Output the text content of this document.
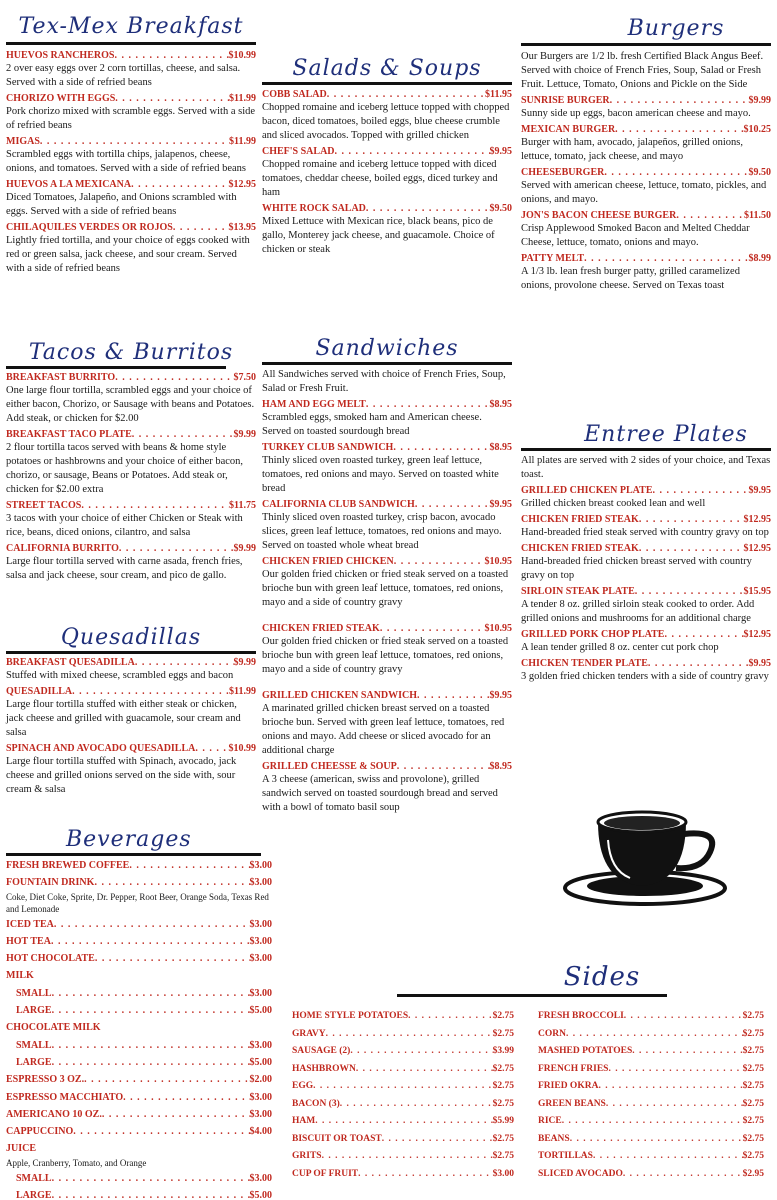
Tex-Mex Breakfast
HUEVOS RANCHEROS . . .	$10.99
2 over easy eggs over 2 corn tortillas, cheese, and salsa. Served with a side of refried beans
CHORIZO WITH EGGS . . .	$11.99
Pork chorizo mixed with scramble eggs. Served with a side of refried beans
MIGAS . . .	$11.99
Scrambled eggs with tortilla chips, jalapenos, cheese, onions, and tomatoes. Served with a side of refried beans
HUEVOS A LA MEXICANA . . .	$12.95
Diced Tomatoes, Jalapeño, and Onions scrambled with eggs. Served with a side of refried beans
CHILAQUILES VERDES OR ROJOS . . .	$13.95
Lightly fried tortilla, and your choice of eggs cooked with red or green salsa, jack cheese, and sour cream. Served with a side of refried beans
Tacos & Burritos
BREAKFAST BURRITO . . .	$7.50
One large flour tortilla, scrambled eggs and your choice of either bacon, Chorizo, or Sausage with beans and Potatoes. Add steak, or chicken for $2.00
BREAKFAST TACO PLATE . . .	$9.99
2 flour tortilla tacos served with beans & home style potatoes or hashbrowns and your choice of either bacon, chorizo, or sausage, Beans or Potatoes. Add steak or, chicken for $2.00 extra
STREET TACOS . . .	$11.75
3 tacos with your choice of either Chicken or Steak with rice, beans, diced onions, cilantro, and salsa
CALIFORNIA BURRITO . . .	$9.99
Large flour tortilla served with carne asada, french fries, salsa and jack cheese, sour cream, and pico de gallo.
Quesadillas
BREAKFAST QUESADILLA . . .	$9.99
Stuffed with mixed cheese, scrambled eggs and bacon
QUESADILLA . . .	$11.99
Large flour tortilla stuffed with either steak or chicken, jack cheese and grilled with guacamole, sour cream and salsa
SPINACH AND AVOCADO QUESADILLA . . .	$10.99
Large flour tortilla stuffed with Spinach, avocado, jack cheese and grilled onions served on the side with, sour cream & salsa
Beverages
FRESH BREWED COFFEE . . .	$3.00
FOUNTAIN DRINK . . .	$3.00
Coke, Diet Coke, Sprite, Dr. Pepper, Root Beer, Orange Soda, Texas Red and Lemonade
ICED TEA . . .	$3.00
HOT TEA . . .	$3.00
HOT CHOCOLATE . . .	$3.00
MILK
SMALL . . .	$3.00
LARGE . . .	$5.00
CHOCOLATE MILK
SMALL . . .	$3.00
LARGE . . .	$5.00
ESPRESSO 3 OZ. . . .	$2.00
ESPRESSO MACCHIATO . . .	$3.00
AMERICANO 10 OZ. . . .	$3.00
CAPPUCCINO . . .	$4.00
JUICE
Apple, Cranberry, Tomato, and Orange
SMALL . . .	$3.00
LARGE . . .	$5.00
Salads & Soups
COBB SALAD . . .	$11.95
Chopped romaine and iceberg lettuce topped with chopped bacon, diced tomatoes, boiled eggs, blue cheese crumble and sliced avocados. Topped with grilled chicken
CHEF'S SALAD . . .	$9.95
Chopped romaine and iceberg lettuce topped with diced tomatoes, cheddar cheese, boiled eggs, diced turkey and ham
WHITE ROCK SALAD . . .	$9.50
Mixed Lettuce with Mexican rice, black beans, pico de gallo, Monterey jack cheese, and guacamole. Choice of chicken or steak
Sandwiches
All Sandwiches served with choice of French Fries, Soup, Salad or Fresh Fruit.
HAM AND EGG MELT . . .	$8.95
Scrambled eggs, smoked ham and American cheese. Served on toasted sourdough bread
TURKEY CLUB SANDWICH . . .	$8.95
Thinly sliced oven roasted turkey, green leaf lettuce, tomatoes, red onions and mayo. Served on toasted white bread
CALIFORNIA CLUB SANDWICH . . .	$9.95
Thinly sliced oven roasted turkey, crisp bacon, avocado slices, green leaf lettuce, tomatoes, red onions and mayo. Served on toasted whole wheat bread
CHICKEN FRIED CHICKEN . . .	$10.95
Our golden fried chicken or fried steak served on a toasted brioche bun with green leaf lettuce, tomatoes, red onions, mayo and a side of country gravy
CHICKEN FRIED STEAK . . .	$10.95
Our golden fried chicken or fried steak served on a toasted brioche bun with green leaf lettuce, tomatoes, red onions, mayo and a side of country gravy
GRILLED CHICKEN SANDWICH . . .	$9.95
A marinated grilled chicken breast served on a toasted brioche bun. Served with green leaf lettuce, tomatoes, red onions and mayo. Add cheese or sliced avocado for an additional charge
GRILLED CHEESSE & SOUP . . .	$8.95
A 3 cheese (american, swiss and provolone), grilled sandwich served on toasted sourdough bread and served with a bowl of tomato basil soup
Burgers
Our Burgers are 1/2 lb. fresh Certified Black Angus Beef. Served with choice of French Fries, Soup, Salad or Fresh Fruit. Lettuce, Tomato, Onions and Pickle on the Side
SUNRISE BURGER . . .	$9.99
Sunny side up eggs, bacon american cheese and mayo.
MEXICAN BURGER . . .	$10.25
Burger with ham, avocado, jalapeños, grilled onions, lettuce, tomato, jack cheese, and mayo
CHEESEBURGER . . .	$9.50
Served with american cheese, lettuce, tomato, pickles, and onions, and mayo.
JON'S BACON CHEESE BURGER . . .	$11.50
Crisp Applewood Smoked Bacon and Melted Cheddar Cheese, lettuce, tomato, onions and mayo.
PATTY MELT . . .	$8.99
A 1/3 lb. lean fresh burger patty, grilled caramelized onions, provolone cheese. Served on Texas toast
Entree Plates
All plates are served with 2 sides of your choice, and Texas toast.
GRILLED CHICKEN PLATE . . .	$9.95
Grilled chicken breast cooked lean and well
CHICKEN FRIED STEAK . . .	$12.95
Hand-breaded fried steak served with country gravy on top
CHICKEN FRIED STEAK . . .	$12.95
Hand-breaded fried chicken breast served with country gravy on top
SIRLOIN STEAK PLATE . . .	$15.95
A tender 8 oz. grilled sirloin steak cooked to order. Add grilled onions and mushrooms for an additional charge
GRILLED PORK CHOP PLATE . . .	$12.95
A lean tender grilled 8 oz. center cut pork chop
CHICKEN TENDER PLATE . . .	$9.95
3 golden fried chicken tenders with a side of country gravy
Sides
HOME STYLE POTATOES . . .	$2.75
GRAVY . . .	$2.75
SAUSAGE (2) . . .	$3.99
HASHBROWN . . .	$2.75
EGG . . .	$2.75
BACON (3) . . .	$2.75
HAM . . .	$5.99
BISCUIT OR TOAST . . .	$2.75
GRITS . . .	$2.75
CUP OF FRUIT . . .	$3.00
FRESH BROCCOLI . . .	$2.75
CORN . . .	$2.75
MASHED POTATOES . . .	$2.75
FRENCH FRIES . . .	$2.75
FRIED OKRA . . .	$2.75
GREEN BEANS . . .	$2.75
RICE . . .	$2.75
BEANS . . .	$2.75
TORTILLAS . . .	$2.75
SLICED AVOCADO . . .	$2.95
